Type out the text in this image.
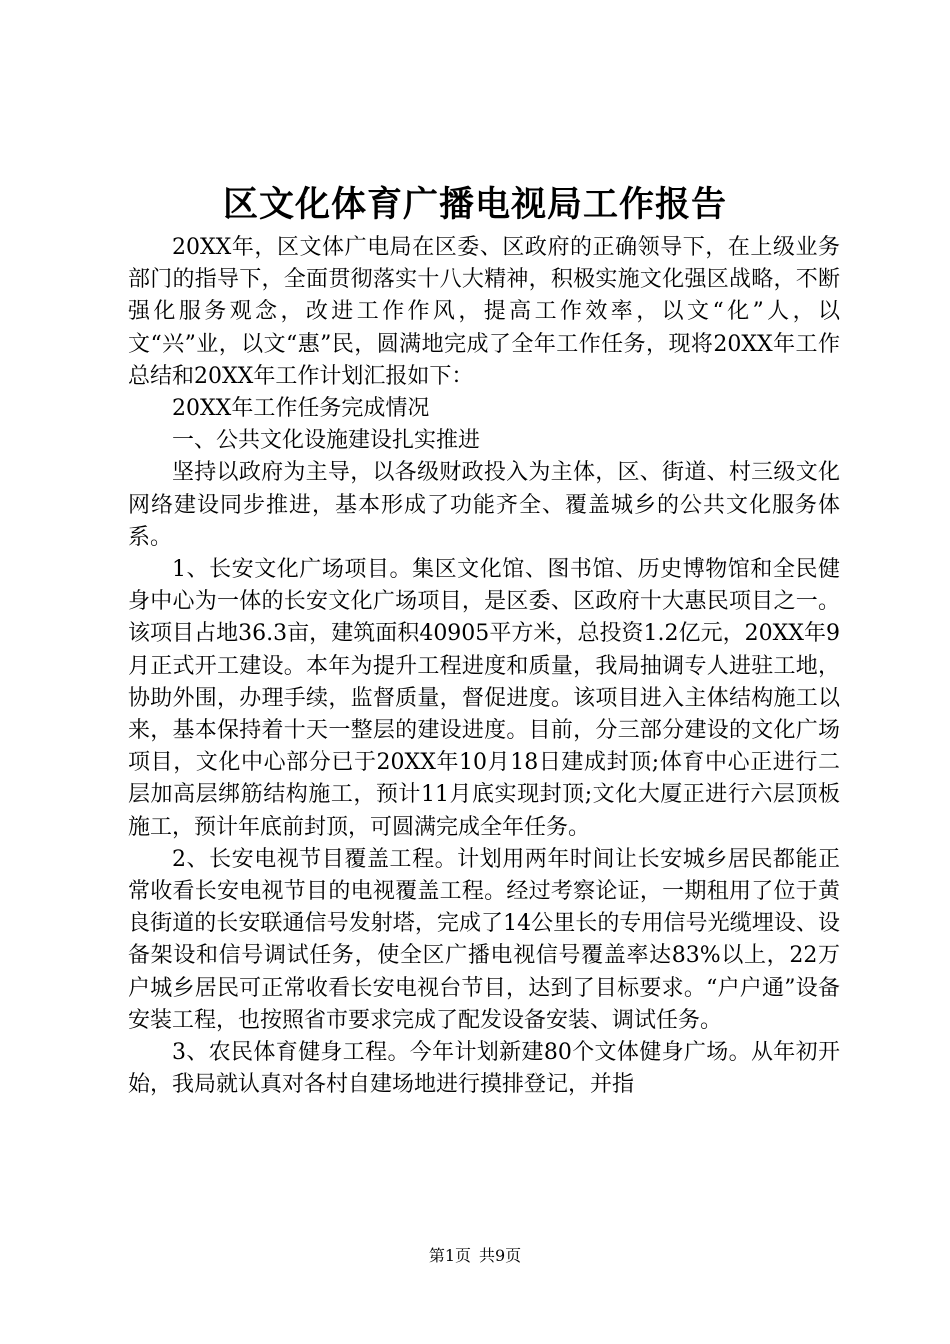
区文化体育广播电视局工作报告

20XX年，区文体广电局在区委、区政府的正确领导下，在上级业务部门的指导下，全面贯彻落实十八大精神，积极实施文化强区战略，不断强化服务观念，改进工作作风，提高工作效率，以文“化”人，以文“兴”业，以文“惠”民，圆满地完成了全年工作任务，现将20XX年工作总结和20XX年工作计划汇报如下：

20XX年工作任务完成情况

一、公共文化设施建设扎实推进

坚持以政府为主导，以各级财政投入为主体，区、街道、村三级文化网络建设同步推进，基本形成了功能齐全、覆盖城乡的公共文化服务体系。

1、长安文化广场项目。集区文化馆、图书馆、历史博物馆和全民健身中心为一体的长安文化广场项目，是区委、区政府十大惠民项目之一。该项目占地36.3亩，建筑面积40905平方米，总投资1.2亿元，20XX年9月正式开工建设。本年为提升工程进度和质量，我局抽调专人进驻工地，协助外围，办理手续，监督质量，督促进度。该项目进入主体结构施工以来，基本保持着十天一整层的建设进度。目前，分三部分建设的文化广场项目，文化中心部分已于20XX年10月18日建成封顶;体育中心正进行二层加高层绑筋结构施工，预计11月底实现封顶;文化大厦正进行六层顶板施工，预计年底前封顶，可圆满完成全年任务。

2、长安电视节目覆盖工程。计划用两年时间让长安城乡居民都能正常收看长安电视节目的电视覆盖工程。经过考察论证，一期租用了位于黄良街道的长安联通信号发射塔，完成了14公里长的专用信号光缆埋设、设备架设和信号调试任务，使全区广播电视信号覆盖率达83%以上，22万户城乡居民可正常收看长安电视台节目，达到了目标要求。“户户通”设备安装工程，也按照省市要求完成了配发设备安装、调试任务。

3、农民体育健身工程。今年计划新建80个文体健身广场。从年初开始，我局就认真对各村自建场地进行摸排登记，并指

第1页 共9页
